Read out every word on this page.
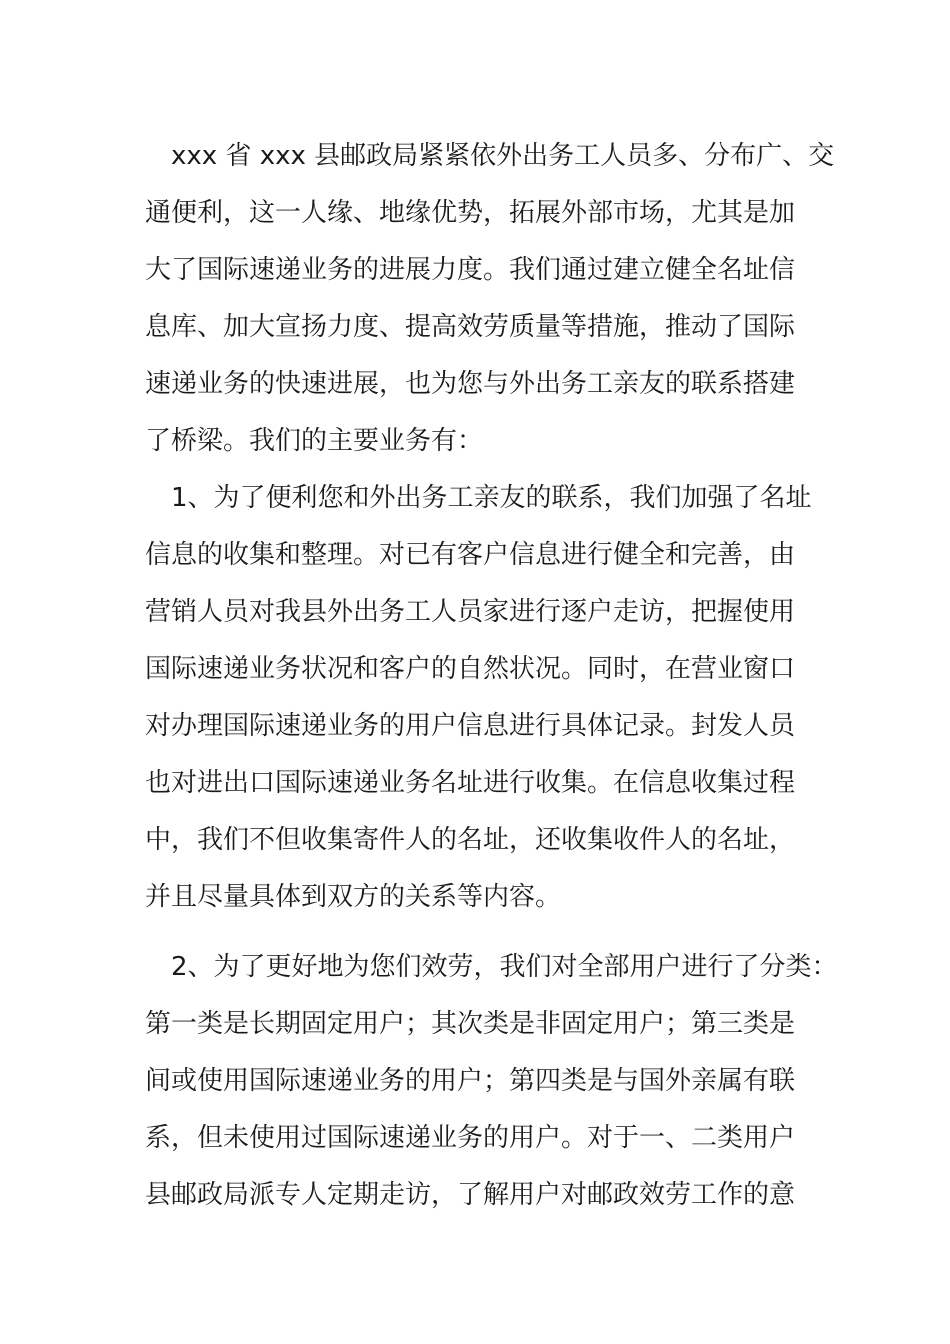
xxx 省 xxx 县邮政局紧紧依外出务工人员多、分布广、交
通便利，这一人缘、地缘优势，拓展外部市场，尤其是加
大了国际速递业务的进展力度。我们通过建立健全名址信
息库、加大宣扬力度、提高效劳质量等措施，推动了国际
速递业务的快速进展，也为您与外出务工亲友的联系搭建
了桥梁。我们的主要业务有：
1、为了便利您和外出务工亲友的联系，我们加强了名址
信息的收集和整理。对已有客户信息进行健全和完善，由
营销人员对我县外出务工人员家进行逐户走访，把握使用
国际速递业务状况和客户的自然状况。同时，在营业窗口
对办理国际速递业务的用户信息进行具体记录。封发人员
也对进出口国际速递业务名址进行收集。在信息收集过程
中，我们不但收集寄件人的名址，还收集收件人的名址，
并且尽量具体到双方的关系等内容。
2、为了更好地为您们效劳，我们对全部用户进行了分类：
第一类是长期固定用户；其次类是非固定用户；第三类是
间或使用国际速递业务的用户；第四类是与国外亲属有联
系，但未使用过国际速递业务的用户。对于一、二类用户
县邮政局派专人定期走访，了解用户对邮政效劳工作的意
